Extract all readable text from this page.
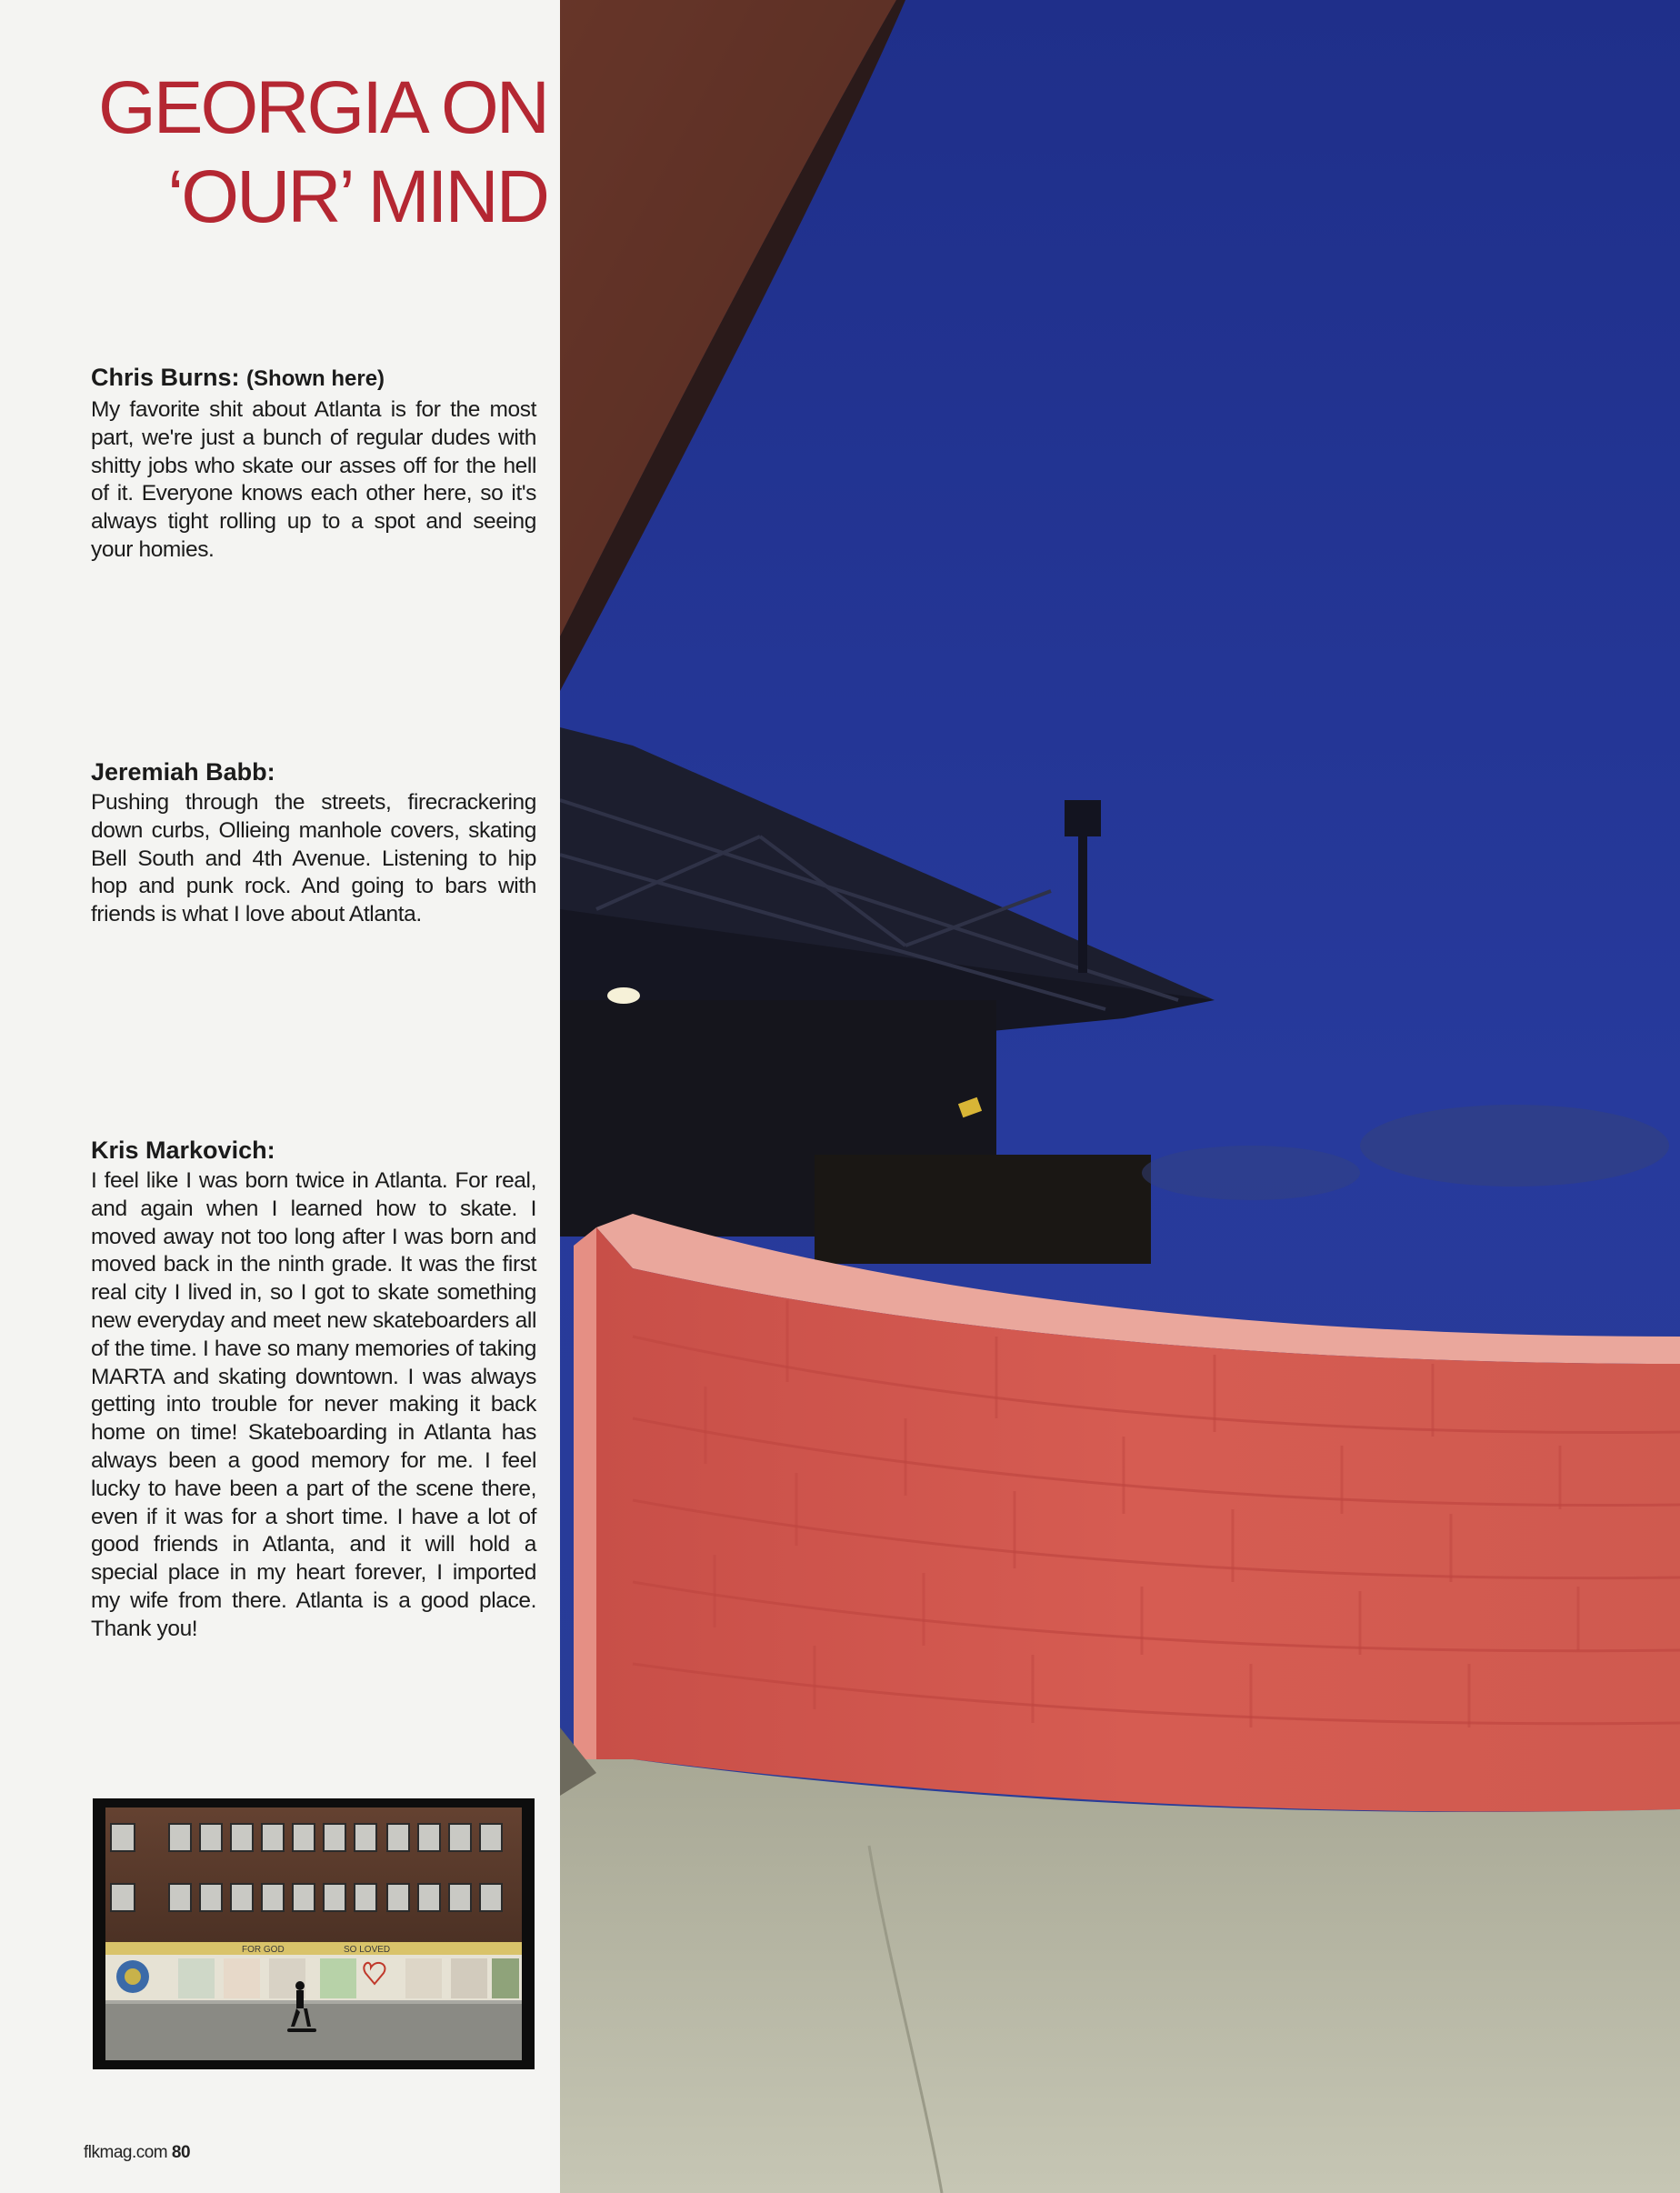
GEORGIA ON
‘OUR’ MIND

Chris Burns: (Shown here)

My favorite shit about Atlanta is for the most part, we're just a bunch of regular dudes with shitty jobs who skate our asses off for the hell of it. Everyone knows each other here, so it's always tight rolling up to a spot and seeing your homies.

Jeremiah Babb:

Pushing through the streets, firecrackering down curbs, Ollieing manhole covers, skating Bell South and 4th Avenue. Listening to hip hop and punk rock. And going to bars with friends is what I love about Atlanta.

Kris Markovich:

I feel like I was born twice in Atlanta. For real, and again when I learned how to skate. I moved away not too long after I was born and moved back in the ninth grade. It was the first real city I lived in, so I got to skate something new everyday and meet new skateboarders all of the time. I have so many memories of taking MARTA and skating downtown. I was always getting into trouble for never making it back home on time! Skateboarding in Atlanta has always been a good memory for me. I feel lucky to have been a part of the scene there, even if it was for a short time. I have a lot of good friends in Atlanta, and it will hold a special place in my heart forever, I imported my wife from there. Atlanta is a good place. Thank you!

FOR GOD	SO LOVED
flkmag.com 80
